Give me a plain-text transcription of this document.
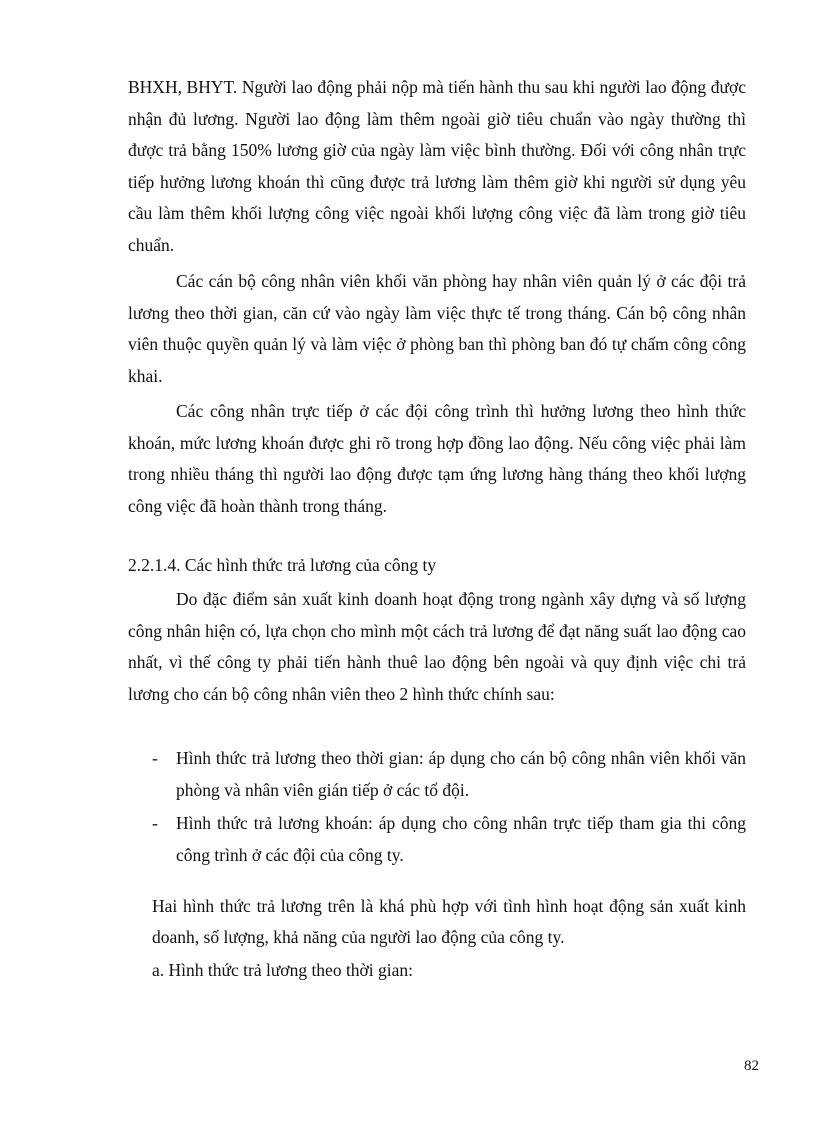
BHXH, BHYT. Người lao động phải nộp mà tiến hành thu sau khi người lao động được nhận đủ lương. Người lao động làm thêm ngoài giờ tiêu chuẩn vào ngày thường thì được trả bằng 150% lương giờ của ngày làm việc bình thường. Đối với công nhân trực tiếp hưởng lương khoán thì cũng được trả lương làm thêm giờ khi người sử dụng yêu cầu làm thêm khối lượng công việc ngoài khối lượng công việc đã làm trong giờ tiêu chuẩn.

Các cán bộ công nhân viên khối văn phòng hay nhân viên quản lý ở các đội trả lương theo thời gian, căn cứ vào ngày làm việc thực tế trong tháng. Cán bộ công nhân viên thuộc quyền quản lý và làm việc ở phòng ban thì phòng ban đó tự chấm công công khai.

Các công nhân trực tiếp ở các đội công trình thì hưởng lương theo hình thức khoán, mức lương khoán được ghi rõ trong hợp đồng lao động. Nếu công việc phải làm trong nhiều tháng thì người lao động được tạm ứng lương hàng tháng theo khối lượng công việc đã hoàn thành trong tháng.

2.2.1.4. Các hình thức trả lương của công ty

Do đặc điểm sản xuất kinh doanh hoạt động trong ngành xây dựng và số lượng công nhân hiện có, lựa chọn cho mình một cách trả lương để đạt năng suất lao động cao nhất, vì thế công ty phải tiến hành thuê lao động bên ngoài và quy định việc chi trả lương cho cán bộ công nhân viên theo 2 hình thức chính sau:

- Hình thức trả lương theo thời gian: áp dụng cho cán bộ công nhân viên khối văn phòng và nhân viên gián tiếp ở các tổ đội.
- Hình thức trả lương khoán: áp dụng cho công nhân trực tiếp tham gia thi công công trình ở các đội của công ty.

Hai hình thức trả lương trên là khá phù hợp với tình hình hoạt động sản xuất kinh doanh, số lượng, khả năng của người lao động của công ty.

a. Hình thức trả lương theo thời gian:

82
